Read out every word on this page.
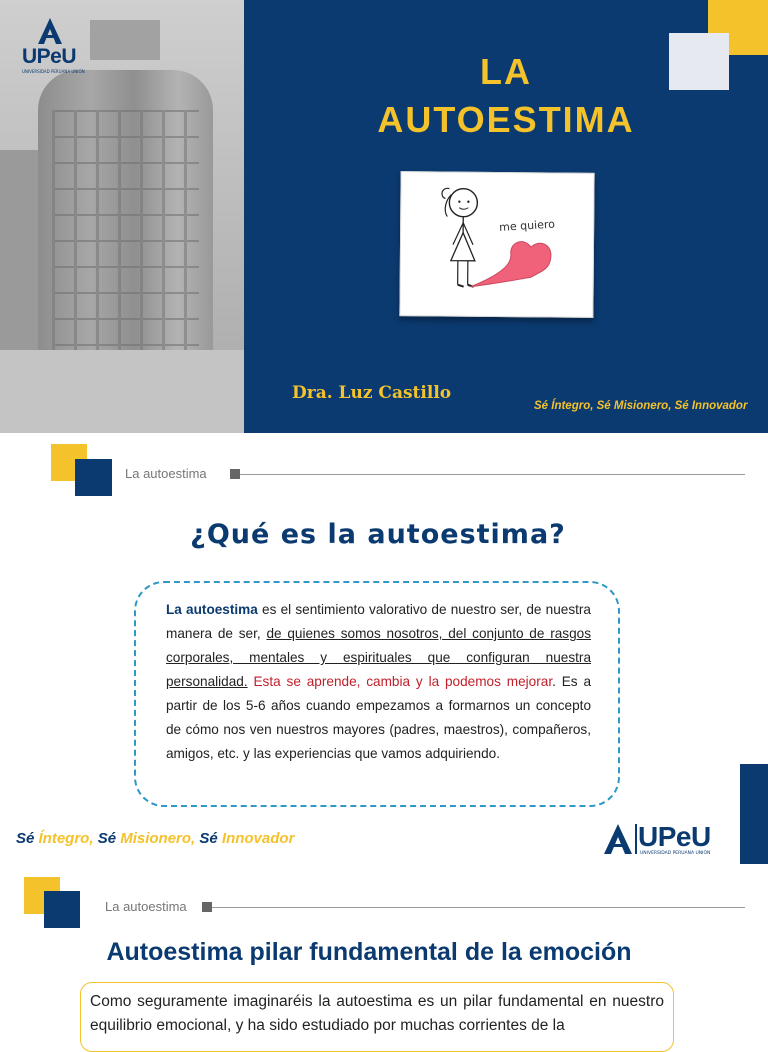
UPeU
UNIVERSIDAD PERUANA UNIÓN	LA
AUTOESTIMA
me quiero
Dra. Luz Castillo
Sé Íntegro, Sé Misionero, Sé Innovador
La autoestima
¿Qué es la autoestima?
La autoestima es el sentimiento valorativo de nuestro ser, de nuestra manera de ser, de quienes somos nosotros, del conjunto de rasgos corporales, mentales y espirituales que configuran nuestra personalidad. Esta se aprende, cambia y la podemos mejorar. Es a partir de los 5-6 años cuando empezamos a formarnos un concepto de cómo nos ven nuestros mayores (padres, maestros), compañeros, amigos, etc. y las experiencias que vamos adquiriendo.
Sé Íntegro, Sé Misionero, Sé Innovador	UPeU
UNIVERSIDAD PERUANA UNIÓN
La autoestima
Autoestima pilar fundamental de la emoción
Como seguramente imaginaréis la autoestima es un pilar fundamental en nuestro equilibrio emocional, y ha sido estudiado por muchas corrientes de la
